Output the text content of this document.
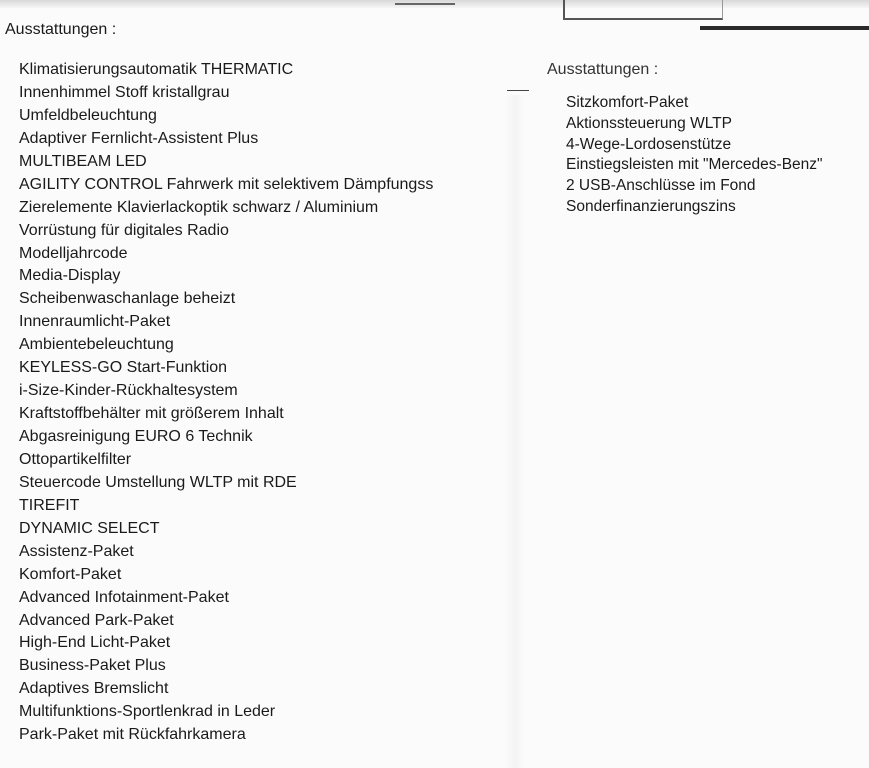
Ausstattungen :
Klimatisierungsautomatik THERMATIC
Innenhimmel Stoff kristallgrau
Umfeldbeleuchtung
Adaptiver Fernlicht-Assistent Plus
MULTIBEAM LED
AGILITY CONTROL Fahrwerk mit selektivem Dämpfungss
Zierelemente Klavierlackoptik schwarz / Aluminium
Vorrüstung für digitales Radio
Modelljahrcode
Media-Display
Scheibenwaschanlage beheizt
Innenraumlicht-Paket
Ambientebeleuchtung
KEYLESS-GO Start-Funktion
i-Size-Kinder-Rückhaltesystem
Kraftstoffbehälter mit größerem Inhalt
Abgasreinigung EURO 6 Technik
Ottopartikelfilter
Steuercode Umstellung WLTP mit RDE
TIREFIT
DYNAMIC SELECT
Assistenz-Paket
Komfort-Paket
Advanced Infotainment-Paket
Advanced Park-Paket
High-End Licht-Paket
Business-Paket Plus
Adaptives Bremslicht
Multifunktions-Sportlenkrad in Leder
Park-Paket mit Rückfahrkamera
Ausstattungen :
Sitzkomfort-Paket
Aktionssteuerung WLTP
4-Wege-Lordosenstütze
Einstiegsleisten mit "Mercedes-Benz"
2 USB-Anschlüsse im Fond
Sonderfinanzierungszins
